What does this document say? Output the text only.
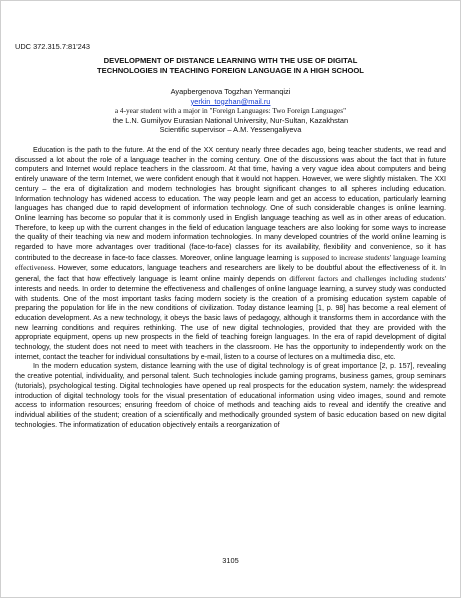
UDC 372.315.7:81'243
DEVELOPMENT OF DISTANCE LEARNING WITH THE USE OF DIGITAL
TECHNOLOGIES IN TEACHING FOREIGN LANGUAGE IN A HIGH SCHOOL
Ayapbergenova Togzhan Yermanqizi
yerkin_togzhan@mail.ru
a 4-year student with a major in "Foreign Languages: Two Foreign Languages"
the L.N. Gumilyov Eurasian National University, Nur-Sultan, Kazakhstan
Scientific supervisor – A.M. Yessengaliyeva

Education is the path to the future. At the end of the XX century nearly three decades ago, being teacher students, we read and discussed a lot about the role of a language teacher in the coming century. One of the discussions was about the fact that in future computers and Internet would replace teachers in the classroom. At that time, having a very vague idea about computers and being entirely unaware of the term Internet, we were confident enough that it would not happen. However, we were slightly mistaken. The XXI century – the era of digitalization and modern technologies has brought significant changes to all spheres including education. Information technology has widened access to education. The way people learn and get an access to education, particularly learning languages has changed due to rapid development of information technology. One of such considerable changes is online learning. Online learning has become so popular that it is commonly used in English language teaching as well as in other areas of education. Therefore, to keep up with the current changes in the field of education language teachers are also looking for some ways to increase the quality of their teaching via new and modern information technologies. In many developed countries of the world online learning is regarded to have more advantages over traditional (face-to-face) classes for its availability, flexibility and convenience, so it has contributed to the decrease in face-to face classes. Moreover, online language learning is supposed to increase students' language learning effectiveness. However, some educators, language teachers and researchers are likely to be doubtful about the effectiveness of it. In general, the fact that how effectively language is learnt online mainly depends on different factors and challenges including students' interests and needs. In order to determine the effectiveness and challenges of online language learning, a survey study was conducted with students. One of the most important tasks facing modern society is the creation of a promising education system capable of preparing the population for life in the new conditions of civilization. Today distance learning [1, p. 98] has become a real element of education development. As a new technology, it obeys the basic laws of pedagogy, although it transforms them in accordance with the new learning conditions and requires rethinking. The use of new digital technologies, provided that they are provided with the appropriate equipment, opens up new prospects in the field of teaching foreign languages. In the era of rapid development of digital technology, the student does not need to meet with teachers in the classroom. He has the opportunity to independently work on the internet, contact the teacher for individual consultations by e-mail, listen to a course of lectures on a multimedia disc, etc.

In the modern education system, distance learning with the use of digital technology is of great importance [2, p. 157], revealing the creative potential, individuality, and personal talent. Such technologies include gaming programs, business games, group seminars (tutorials), psychological testing. Digital technologies have opened up real prospects for the education system, namely: the widespread introduction of digital technology tools for the visual presentation of educational information using video images, sound and remote access to information resources; ensuring freedom of choice of methods and teaching aids to reveal and identify the creative and individual abilities of the student; creation of a scientifically and methodically grounded system of basic education based on new digital technologies. The informatization of education objectively entails a reorganization of

3105
